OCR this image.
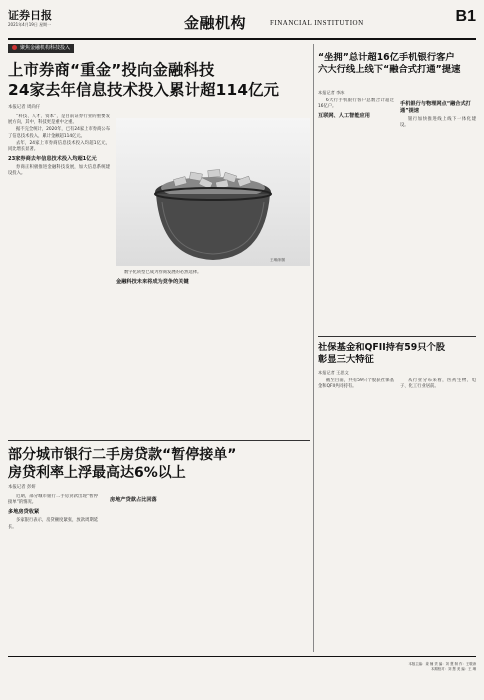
证券日报
2021年4月19日 星期一	金融机构	FINANCIAL INSTITUTION	B1
聚焦金融机构科技投入
上市券商“重金”投向金融科技
24家去年信息技术投入累计超114亿元
本报记者 周尚仔

“科技、人才、资本”，是目前证券行业的重要发展方向，其中，科技更是重中之重。

据不完全统计，2020年，已有24家上市券商公布了信息技术投入，累计金额超114亿元。

去年，24家上市券商信息技术投入均超1亿元，同比增长显著。

23家券商去年信息技术投入均超1亿元

券商正积极推进金融科技发展，加大信息系统建设投入。

王琳/制图

数字化转型已成为券商发展的必然选择。

金融科技未来将成为竞争的关键
部分城市银行二手房贷款“暂停接单”
房贷利率上浮最高达6%以上
本报记者 彭妍

近期，部分城市银行二手房贷款出现“暂停接单”的情况。

多地房贷收紧

多家银行表示，房贷额度紧张，放款周期延长。

房地产贷款占比回落
“坐拥”总计超16亿手机银行客户
六大行线上线下“融合式打通”提速
本报记者 李冰

6大行手机银行客户总数合计超过16亿户。

互联网、人工智能应用
手机银行与物理网点“融合式打通”提速

银行加快推进线上线下一体化建设。

社保基金和QFII持有59只个股
彰显三大特征
本报记者 王思文

截至目前，共有59只个股获社保基金和QFII共同持有。

从行业分布来看，医药生物、电子、化工行业居前。

本版主编：姜 楠 责 编：刘 慧 制 作：王敬涛
本期校对：刘 慧 美 编：王 琳
